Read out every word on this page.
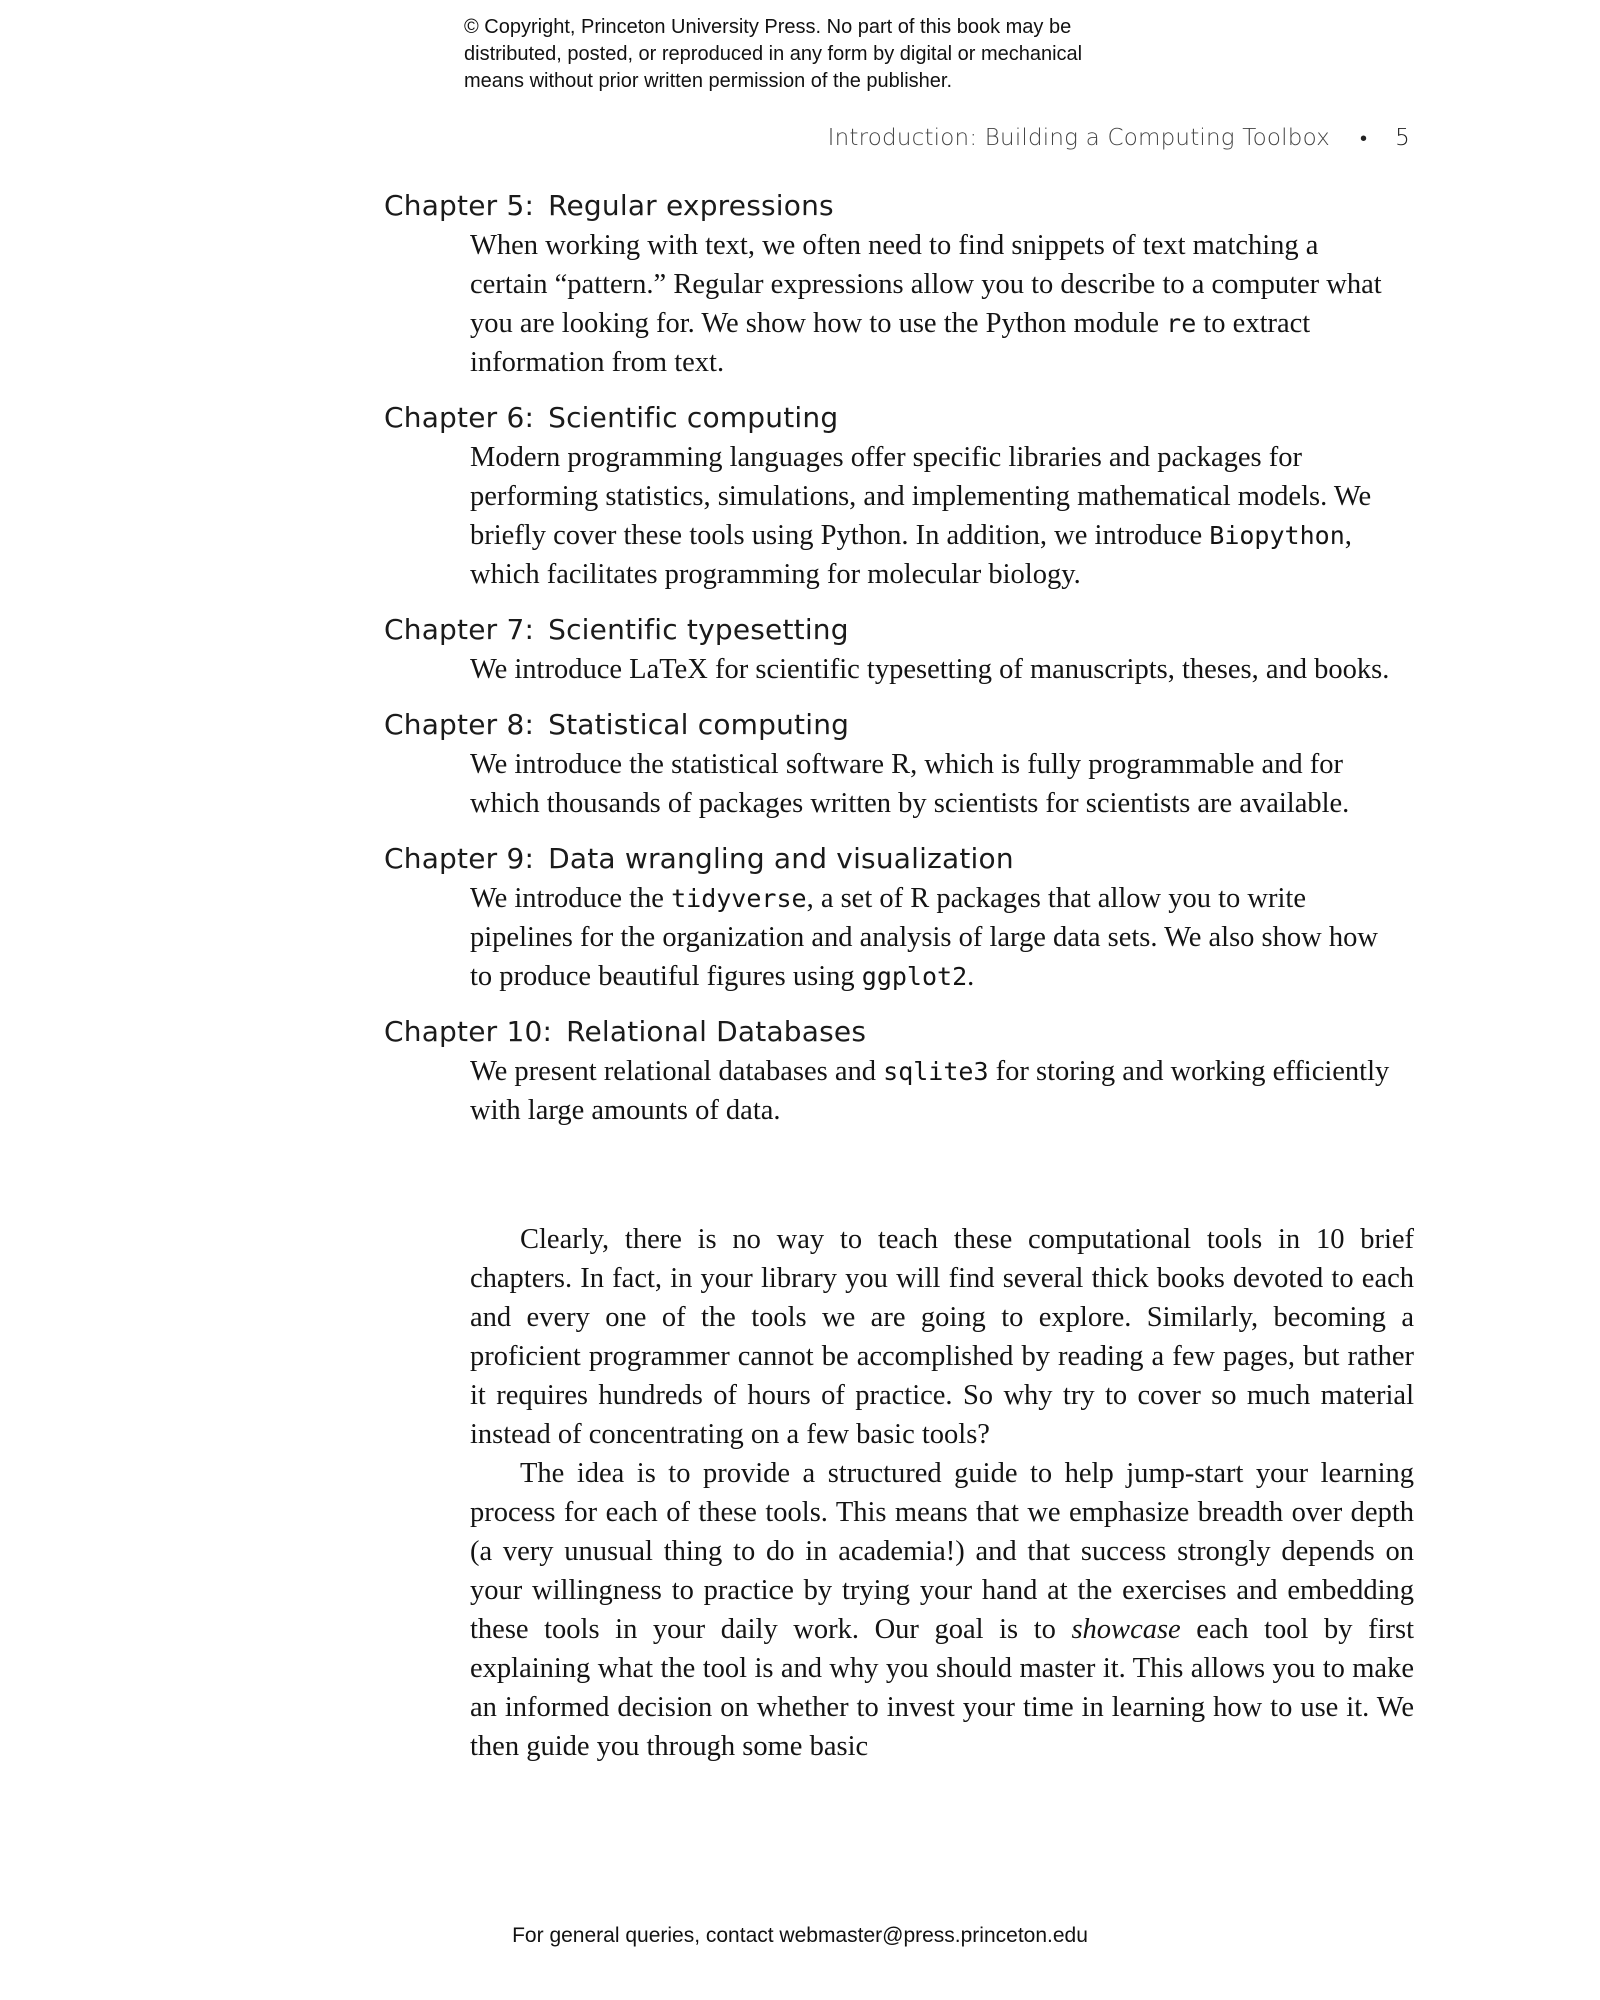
© Copyright, Princeton University Press. No part of this book may be
distributed, posted, or reproduced in any form by digital or mechanical
means without prior written permission of the publisher.
Introduction: Building a Computing Toolbox • 5
Chapter 5: Regular expressions
When working with text, we often need to find snippets of text matching a certain “pattern.” Regular expressions allow you to describe to a computer what you are looking for. We show how to use the Python module re to extract information from text.
Chapter 6: Scientific computing
Modern programming languages offer specific libraries and packages for performing statistics, simulations, and implementing mathematical models. We briefly cover these tools using Python. In addition, we introduce Biopython, which facilitates programming for molecular biology.
Chapter 7: Scientific typesetting
We introduce LaTeX for scientific typesetting of manuscripts, theses, and books.
Chapter 8: Statistical computing
We introduce the statistical software R, which is fully programmable and for which thousands of packages written by scientists for scientists are available.
Chapter 9: Data wrangling and visualization
We introduce the tidyverse, a set of R packages that allow you to write pipelines for the organization and analysis of large data sets. We also show how to produce beautiful figures using ggplot2.
Chapter 10: Relational Databases
We present relational databases and sqlite3 for storing and working efficiently with large amounts of data.

Clearly, there is no way to teach these computational tools in 10 brief chapters. In fact, in your library you will find several thick books devoted to each and every one of the tools we are going to explore. Similarly, becoming a proficient programmer cannot be accomplished by reading a few pages, but rather it requires hundreds of hours of practice. So why try to cover so much material instead of concentrating on a few basic tools?

The idea is to provide a structured guide to help jump-start your learning process for each of these tools. This means that we emphasize breadth over depth (a very unusual thing to do in academia!) and that success strongly depends on your willingness to practice by trying your hand at the exercises and embedding these tools in your daily work. Our goal is to showcase each tool by first explaining what the tool is and why you should master it. This allows you to make an informed decision on whether to invest your time in learning how to use it. We then guide you through some basic

For general queries, contact webmaster@press.princeton.edu
